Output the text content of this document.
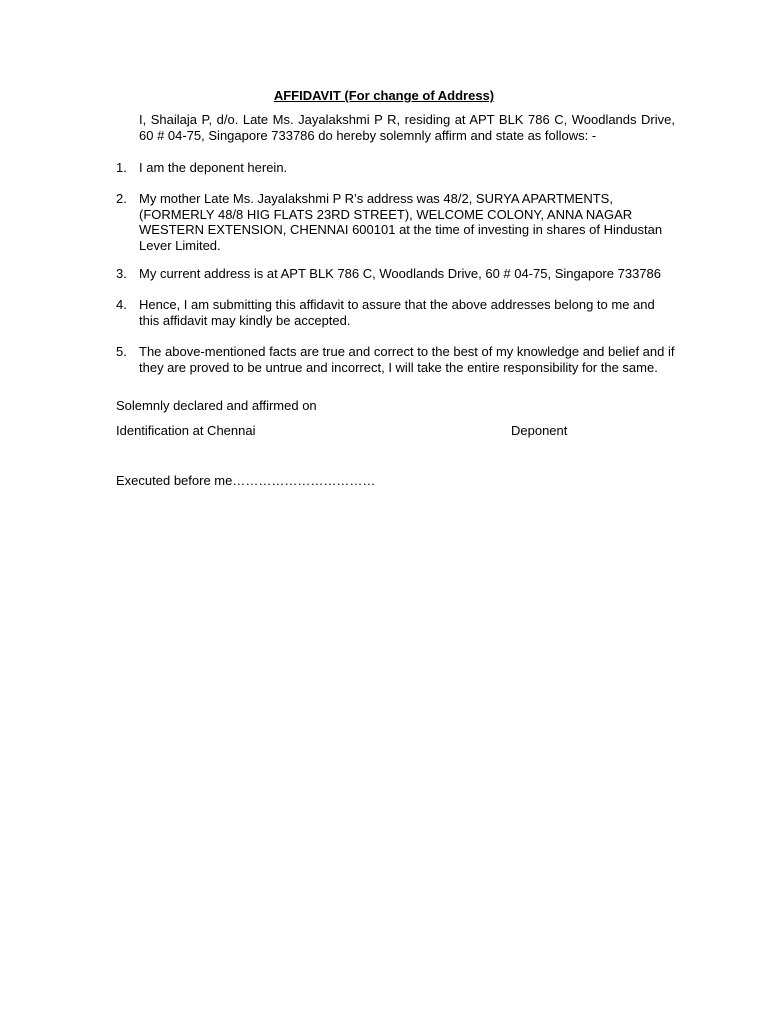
AFFIDAVIT (For change of Address)
I, Shailaja P, d/o. Late Ms. Jayalakshmi P R, residing at APT BLK 786 C, Woodlands Drive, 60 # 04-75, Singapore 733786 do hereby solemnly affirm and state as follows: -
1. I am the deponent herein.
2. My mother Late Ms. Jayalakshmi P R’s address was 48/2, SURYA APARTMENTS, (FORMERLY 48/8 HIG FLATS 23RD STREET), WELCOME COLONY, ANNA NAGAR WESTERN EXTENSION, CHENNAI 600101 at the time of investing in shares of Hindustan Lever Limited.
3. My current address is at APT BLK 786 C, Woodlands Drive, 60 # 04-75, Singapore 733786
4. Hence, I am submitting this affidavit to assure that the above addresses belong to me and this affidavit may kindly be accepted.
5. The above-mentioned facts are true and correct to the best of my knowledge and belief and if they are proved to be untrue and incorrect, I will take the entire responsibility for the same.
Solemnly declared and affirmed on
Identification at Chennai	Deponent
Executed before me……………………………
